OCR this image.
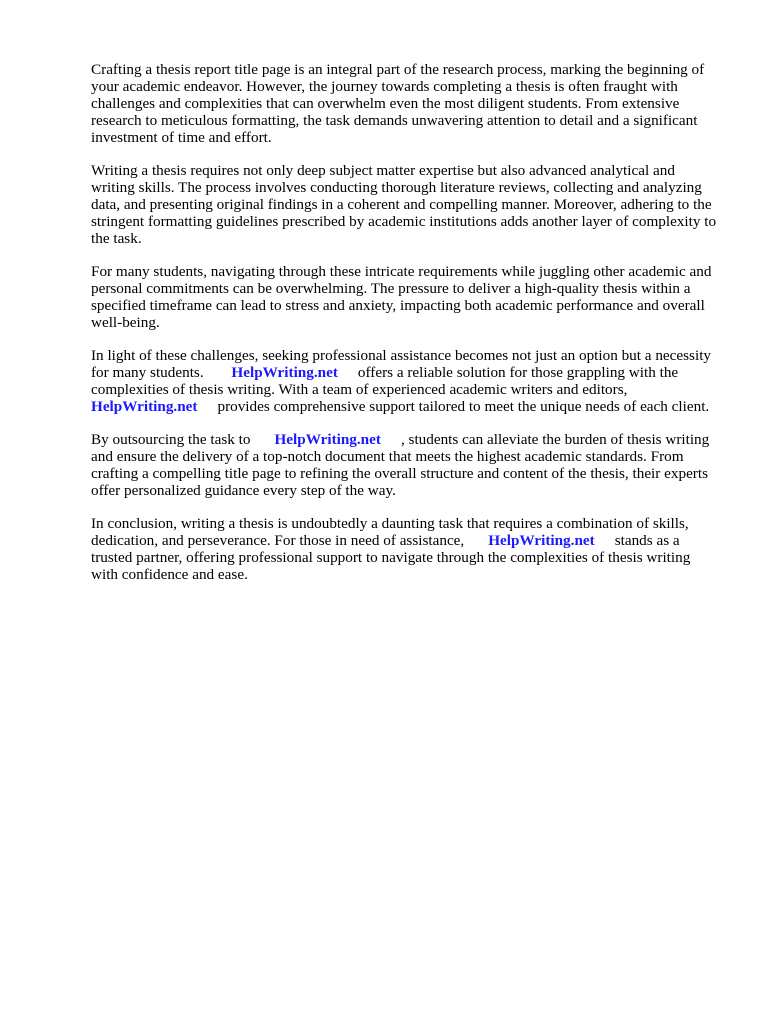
Crafting a thesis report title page is an integral part of the research process, marking the beginning of your academic endeavor. However, the journey towards completing a thesis is often fraught with challenges and complexities that can overwhelm even the most diligent students. From extensive research to meticulous formatting, the task demands unwavering attention to detail and a significant investment of time and effort.

Writing a thesis requires not only deep subject matter expertise but also advanced analytical and writing skills. The process involves conducting thorough literature reviews, collecting and analyzing data, and presenting original findings in a coherent and compelling manner. Moreover, adhering to the stringent formatting guidelines prescribed by academic institutions adds another layer of complexity to the task.

For many students, navigating through these intricate requirements while juggling other academic and personal commitments can be overwhelming. The pressure to deliver a high-quality thesis within a specified timeframe can lead to stress and anxiety, impacting both academic performance and overall well-being.

In light of these challenges, seeking professional assistance becomes not just an option but a necessity for many students. HelpWriting.net offers a reliable solution for those grappling with the complexities of thesis writing. With a team of experienced academic writers and editors, HelpWriting.net provides comprehensive support tailored to meet the unique needs of each client.

By outsourcing the task to HelpWriting.net , students can alleviate the burden of thesis writing and ensure the delivery of a top-notch document that meets the highest academic standards. From crafting a compelling title page to refining the overall structure and content of the thesis, their experts offer personalized guidance every step of the way.

In conclusion, writing a thesis is undoubtedly a daunting task that requires a combination of skills, dedication, and perseverance. For those in need of assistance, HelpWriting.net stands as a trusted partner, offering professional support to navigate through the complexities of thesis writing with confidence and ease.
